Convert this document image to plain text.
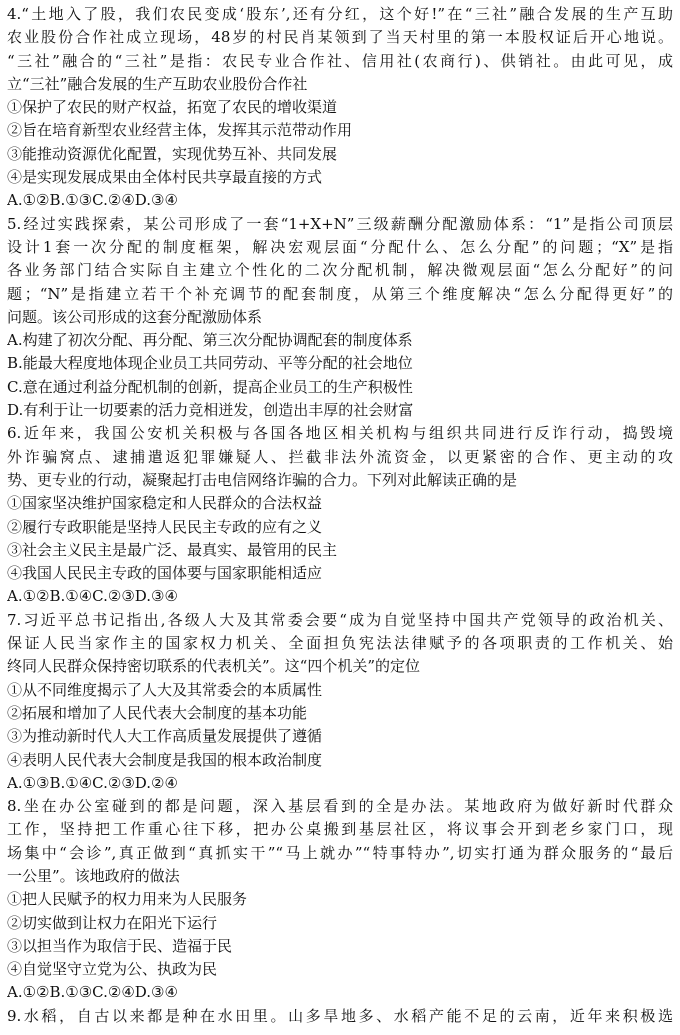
4.“土地入了股，我们农民变成‘股东’,还有分红，这个好!”在“三社”融合发展的生产互助
农业股份合作社成立现场，48岁的村民肖某领到了当天村里的第一本股权证后开心地说。
“三社”融合的“三社”是指：农民专业合作社、信用社(农商行)、供销社。由此可见，成
立“三社”融合发展的生产互助农业股份合作社
①保护了农民的财产权益，拓宽了农民的增收渠道
②旨在培育新型农业经营主体，发挥其示范带动作用
③能推动资源优化配置，实现优势互补、共同发展
④是实现发展成果由全体村民共享最直接的方式
A.①②B.①③C.②④D.③④
5.经过实践探索，某公司形成了一套“1+X+N”三级薪酬分配激励体系：“1”是指公司顶层
设计1套一次分配的制度框架，解决宏观层面“分配什么、怎么分配”的问题；“X”是指
各业务部门结合实际自主建立个性化的二次分配机制，解决微观层面“怎么分配好”的问
题；“N”是指建立若干个补充调节的配套制度，从第三个维度解决“怎么分配得更好”的
问题。该公司形成的这套分配激励体系
A.构建了初次分配、再分配、第三次分配协调配套的制度体系
B.能最大程度地体现企业员工共同劳动、平等分配的社会地位
C.意在通过利益分配机制的创新，提高企业员工的生产积极性
D.有利于让一切要素的活力竞相迸发，创造出丰厚的社会财富
6.近年来，我国公安机关积极与各国各地区相关机构与组织共同进行反诈行动，捣毁境
外诈骗窝点、逮捕遣返犯罪嫌疑人、拦截非法外流资金，以更紧密的合作、更主动的攻
势、更专业的行动，凝聚起打击电信网络诈骗的合力。下列对此解读正确的是
①国家坚决维护国家稳定和人民群众的合法权益
②履行专政职能是坚持人民民主专政的应有之义
③社会主义民主是最广泛、最真实、最管用的民主
④我国人民民主专政的国体要与国家职能相适应
A.①②B.①④C.②③D.③④
7.习近平总书记指出,各级人大及其常委会要“成为自觉坚持中国共产党领导的政治机关、
保证人民当家作主的国家权力机关、全面担负宪法法律赋予的各项职责的工作机关、始
终同人民群众保持密切联系的代表机关”。这“四个机关”的定位
①从不同维度揭示了人大及其常委会的本质属性
②拓展和增加了人民代表大会制度的基本功能
③为推动新时代人大工作高质量发展提供了遵循
④表明人民代表大会制度是我国的根本政治制度
A.①③B.①④C.②③D.②④
8.坐在办公室碰到的都是问题，深入基层看到的全是办法。某地政府为做好新时代群众
工作，坚持把工作重心往下移，把办公桌搬到基层社区，将议事会开到老乡家门口，现
场集中“会诊”,真正做到“真抓实干”“马上就办”“特事特办”,切实打通为群众服务的“最后
一公里”。该地政府的做法
①把人民赋予的权力用来为人民服务
②切实做到让权力在阳光下运行
③以担当作为取信于民、造福于民
④自觉坚守立党为公、执政为民
A.①②B.①③C.②④D.③④
9.水稻，自古以来都是种在水田里。山多旱地多、水稻产能不足的云南，近年来积极选
